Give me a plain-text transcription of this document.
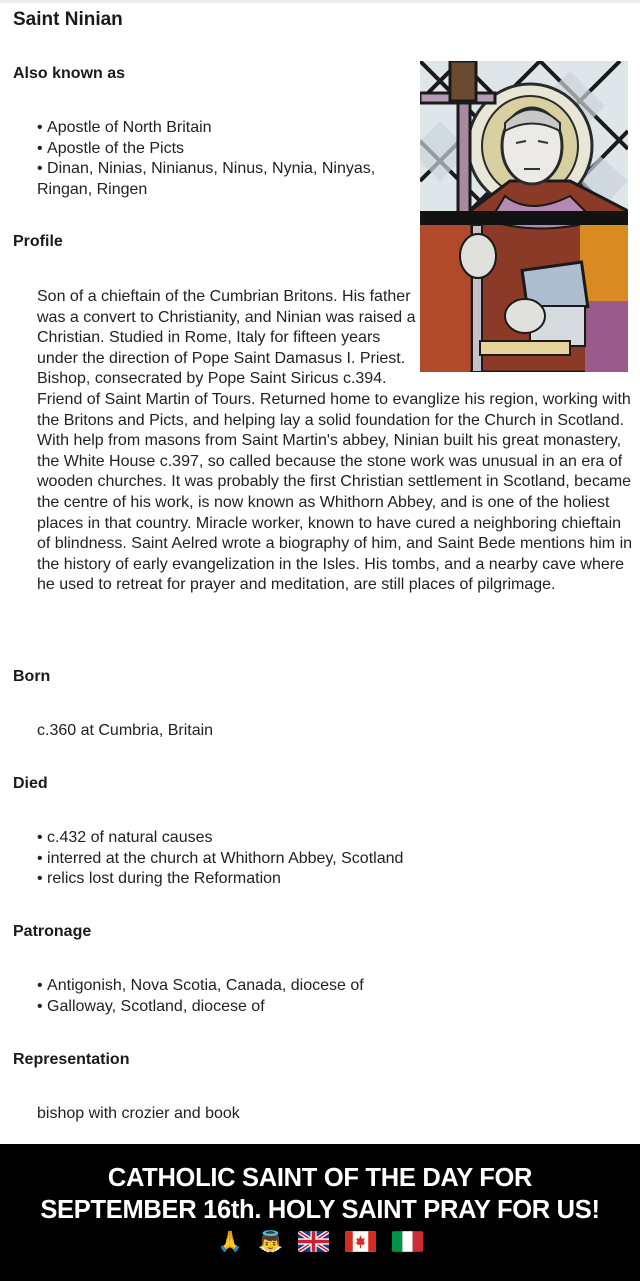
Saint Ninian
Also known as
• Apostle of North Britain
• Apostle of the Picts
• Dinan, Ninias, Ninianus, Ninus, Nynia, Ninyas, Ringan, Ringen
Profile
Son of a chieftain of the Cumbrian Britons. His father was a convert to Christianity, and Ninian was raised a Christian. Studied in Rome, Italy for fifteen years under the direction of Pope Saint Damasus I. Priest. Bishop, consecrated by Pope Saint Siricus c.394. Friend of Saint Martin of Tours. Returned home to evanglize his region, working with the Britons and Picts, and helping lay a solid foundation for the Church in Scotland. With help from masons from Saint Martin's abbey, Ninian built his great monastery, the White House c.397, so called because the stone work was unusual in an era of wooden churches. It was probably the first Christian settlement in Scotland, became the centre of his work, is now known as Whithorn Abbey, and is one of the holiest places in that country. Miracle worker, known to have cured a neighboring chieftain of blindness. Saint Aelred wrote a biography of him, and Saint Bede mentions him in the history of early evangelization in the Isles. His tombs, and a nearby cave where he used to retreat for prayer and meditation, are still places of pilgrimage.
Born
c.360 at Cumbria, Britain
Died
• c.432 of natural causes
• interred at the church at Whithorn Abbey, Scotland
• relics lost during the Reformation
Patronage
• Antigonish, Nova Scotia, Canada, diocese of
• Galloway, Scotland, diocese of
Representation
bishop with crozier and book
CATHOLIC SAINT OF THE DAY FOR
SEPTEMBER 16th. HOLY SAINT PRAY FOR US!
🙏 👼
